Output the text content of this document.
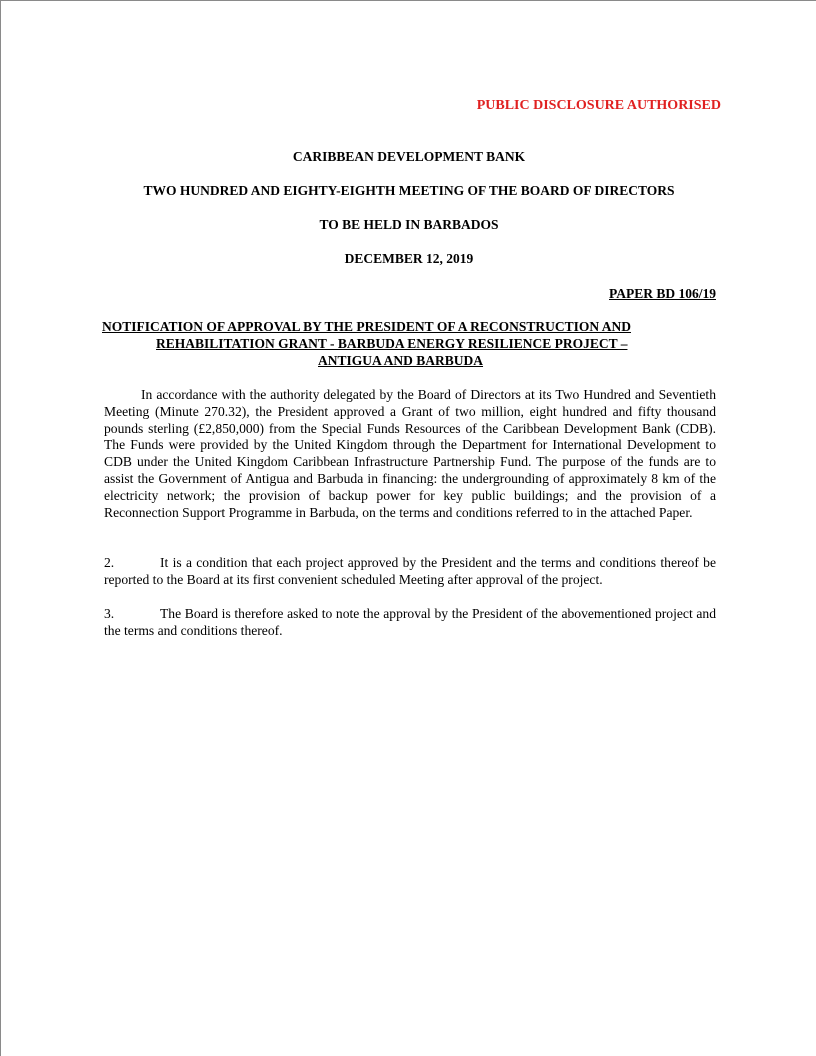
PUBLIC DISCLOSURE AUTHORISED
CARIBBEAN DEVELOPMENT BANK
TWO HUNDRED AND EIGHTY-EIGHTH MEETING OF THE BOARD OF DIRECTORS
TO BE HELD IN BARBADOS
DECEMBER 12, 2019
PAPER BD 106/19
NOTIFICATION OF APPROVAL BY THE PRESIDENT OF A RECONSTRUCTION AND
REHABILITATION GRANT - BARBUDA ENERGY RESILIENCE PROJECT –
ANTIGUA AND BARBUDA
In accordance with the authority delegated by the Board of Directors at its Two Hundred and Seventieth Meeting (Minute 270.32), the President approved a Grant of two million, eight hundred and fifty thousand pounds sterling (£2,850,000) from the Special Funds Resources of the Caribbean Development Bank (CDB). The Funds were provided by the United Kingdom through the Department for International Development to CDB under the United Kingdom Caribbean Infrastructure Partnership Fund. The purpose of the funds are to assist the Government of Antigua and Barbuda in financing: the undergrounding of approximately 8 km of the electricity network; the provision of backup power for key public buildings; and the provision of a Reconnection Support Programme in Barbuda, on the terms and conditions referred to in the attached Paper.
2.	It is a condition that each project approved by the President and the terms and conditions thereof be reported to the Board at its first convenient scheduled Meeting after approval of the project.
3.	The Board is therefore asked to note the approval by the President of the abovementioned project and the terms and conditions thereof.
